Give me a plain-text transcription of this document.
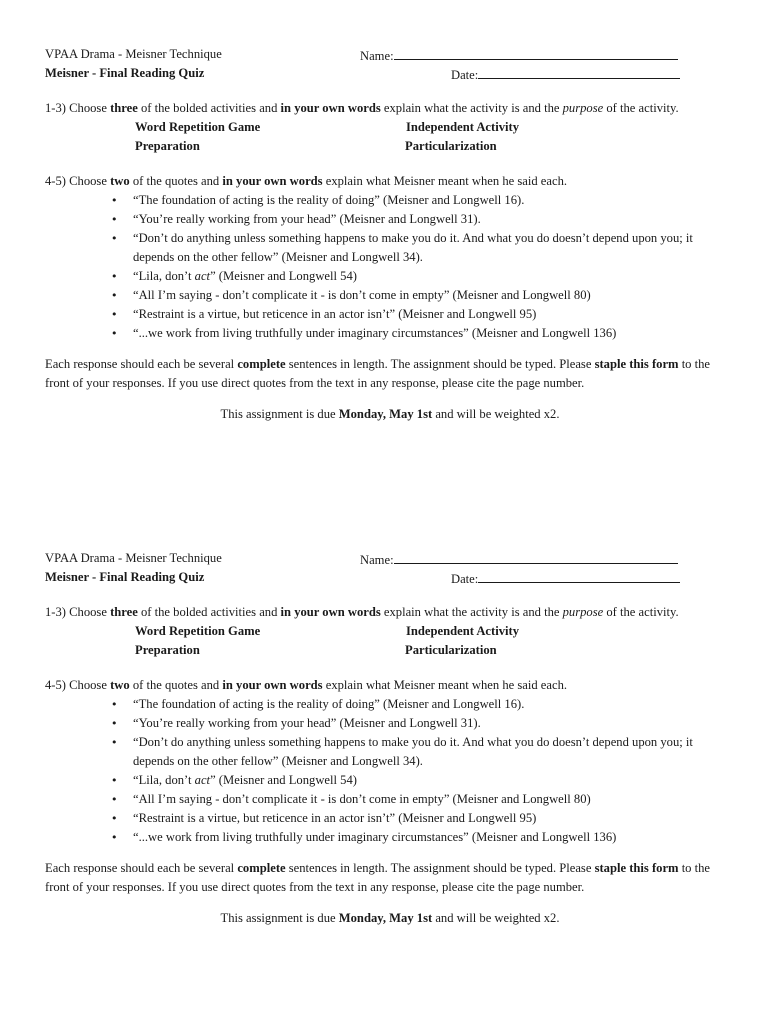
VPAA Drama - Meisner Technique	Name:
Meisner - Final Reading Quiz	Date:

1-3) Choose three of the bolded activities and in your own words explain what the activity is and the purpose of the activity.

Word Repetition Game	Independent Activity
Preparation	Particularization

4-5) Choose two of the quotes and in your own words explain what Meisner meant when he said each.

• “The foundation of acting is the reality of doing” (Meisner and Longwell 16).
• “You’re really working from your head” (Meisner and Longwell 31).
• “Don’t do anything unless something happens to make you do it. And what you do doesn’t depend upon you; it depends on the other fellow” (Meisner and Longwell 34).
• “Lila, don’t act” (Meisner and Longwell 54)
• “All I’m saying - don’t complicate it - is don’t come in empty” (Meisner and Longwell 80)
• “Restraint is a virtue, but reticence in an actor isn’t” (Meisner and Longwell 95)
• “...we work from living truthfully under imaginary circumstances” (Meisner and Longwell 136)

Each response should each be several complete sentences in length. The assignment should be typed. Please staple this form to the front of your responses. If you use direct quotes from the text in any response, please cite the page number.

This assignment is due Monday, May 1st and will be weighted x2.

VPAA Drama - Meisner Technique	Name:
Meisner - Final Reading Quiz	Date:

1-3) Choose three of the bolded activities and in your own words explain what the activity is and the purpose of the activity.

Word Repetition Game	Independent Activity
Preparation	Particularization

4-5) Choose two of the quotes and in your own words explain what Meisner meant when he said each.

• “The foundation of acting is the reality of doing” (Meisner and Longwell 16).
• “You’re really working from your head” (Meisner and Longwell 31).
• “Don’t do anything unless something happens to make you do it. And what you do doesn’t depend upon you; it depends on the other fellow” (Meisner and Longwell 34).
• “Lila, don’t act” (Meisner and Longwell 54)
• “All I’m saying - don’t complicate it - is don’t come in empty” (Meisner and Longwell 80)
• “Restraint is a virtue, but reticence in an actor isn’t” (Meisner and Longwell 95)
• “...we work from living truthfully under imaginary circumstances” (Meisner and Longwell 136)

Each response should each be several complete sentences in length. The assignment should be typed. Please staple this form to the front of your responses. If you use direct quotes from the text in any response, please cite the page number.

This assignment is due Monday, May 1st and will be weighted x2.
